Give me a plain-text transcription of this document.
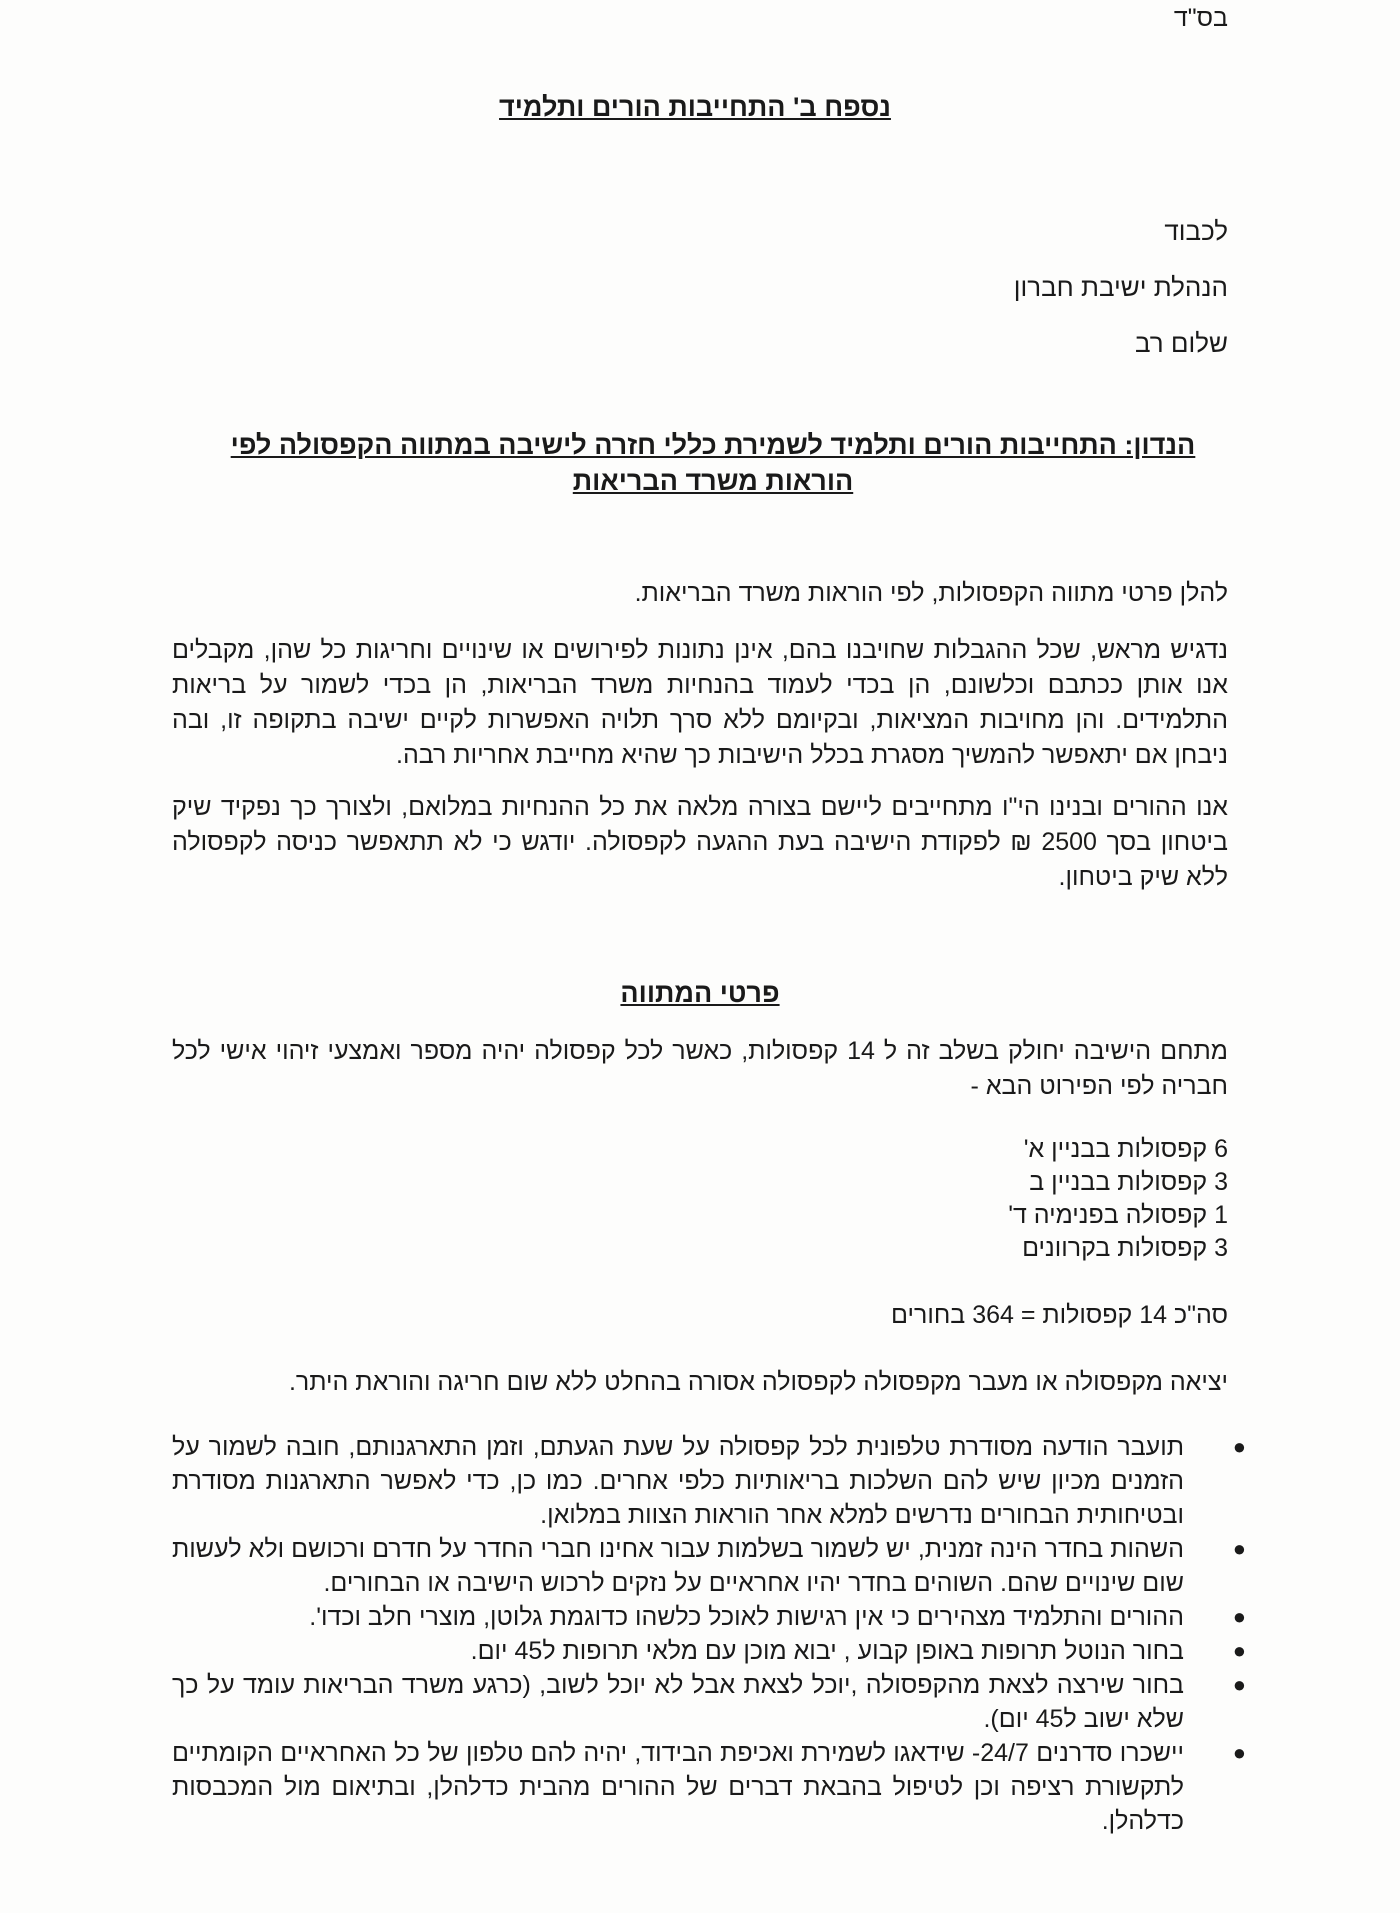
בס"ד
נספח ב' התחייבות הורים ותלמיד
לכבוד
הנהלת ישיבת חברון
שלום רב
הנדון: התחייבות הורים ותלמיד לשמירת כללי חזרה לישיבה במתווה הקפסולה לפי הוראות משרד הבריאות
להלן פרטי מתווה הקפסולות, לפי הוראות משרד הבריאות.
נדגיש מראש, שכל ההגבלות שחויבנו בהם, אינן נתונות לפירושים או שינויים וחריגות כל שהן, מקבלים אנו אותן ככתבם וכלשונם, הן בכדי לעמוד בהנחיות משרד הבריאות, הן בכדי לשמור על בריאות התלמידים. והן מחויבות המציאות, ובקיומם ללא סרך תלויה האפשרות לקיים ישיבה בתקופה זו, ובה ניבחן אם יתאפשר להמשיך מסגרת בכלל הישיבות כך שהיא מחייבת אחריות רבה.
אנו ההורים ובנינו הי"ו מתחייבים ליישם בצורה מלאה את כל ההנחיות במלואם, ולצורך כך נפקיד שיק ביטחון בסך 2500 ₪ לפקודת הישיבה בעת ההגעה לקפסולה. יודגש כי לא תתאפשר כניסה לקפסולה ללא שיק ביטחון.
פרטי המתווה
מתחם הישיבה יחולק בשלב זה ל 14 קפסולות, כאשר לכל קפסולה יהיה מספר ואמצעי זיהוי אישי לכל חבריה לפי הפירוט הבא -
6 קפסולות בבניין א'
3 קפסולות בבניין ב
1 קפסולה בפנימיה ד'
3 קפסולות בקרוונים
סה"כ 14 קפסולות = 364 בחורים
יציאה מקפסולה או מעבר מקפסולה לקפסולה אסורה בהחלט ללא שום חריגה והוראת היתר.
●
תועבר הודעה מסודרת טלפונית לכל קפסולה על שעת הגעתם, וזמן התארגנותם, חובה לשמור על הזמנים מכיון שיש להם השלכות בריאותיות כלפי אחרים. כמו כן, כדי לאפשר התארגנות מסודרת ובטיחותית הבחורים נדרשים למלא אחר הוראות הצוות במלואן.
●
השהות בחדר הינה זמנית, יש לשמור בשלמות עבור אחינו חברי החדר על חדרם ורכושם ולא לעשות שום שינויים שהם. השוהים בחדר יהיו אחראיים על נזקים לרכוש הישיבה או הבחורים.
●
ההורים והתלמיד מצהירים כי אין רגישות לאוכל כלשהו כדוגמת גלוטן, מוצרי חלב וכדו'.
●
בחור הנוטל תרופות באופן קבוע , יבוא מוכן עם מלאי תרופות ל45 יום.
●
בחור שירצה לצאת מהקפסולה ,יוכל לצאת אבל לא יוכל לשוב, (כרגע משרד הבריאות עומד על כך שלא ישוב ל45 יום).
●
יישכרו סדרנים 24/7- שידאגו לשמירת ואכיפת הבידוד, יהיה להם טלפון של כל האחראיים הקומתיים לתקשורת רציפה וכן לטיפול בהבאת דברים של ההורים מהבית כדלהלן, ובתיאום מול המכבסות כדלהלן.
